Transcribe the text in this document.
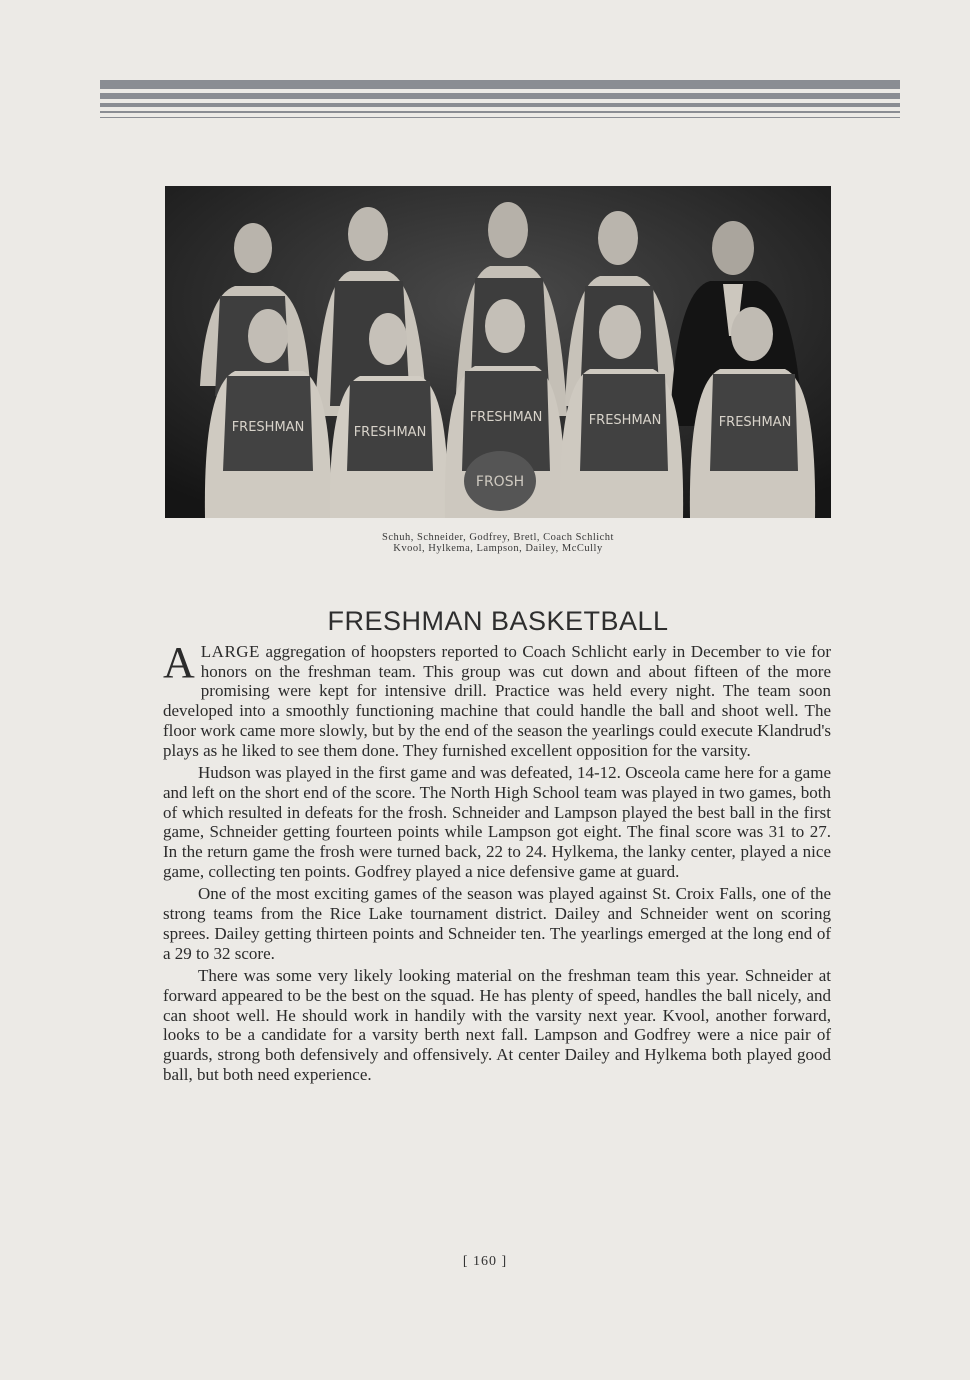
FRESHMAN	FRESHMAN
FRESHMAN
FROSH
FRESHMAN	FRESHMAN
Schuh, Schneider, Godfrey, Bretl, Coach Schlicht
Kvool, Hylkema, Lampson, Dailey, McCully
FRESHMAN BASKETBALL

ALARGE aggregation of hoopsters reported to Coach Schlicht early in December to vie for honors on the freshman team. This group was cut down and about fifteen of the more promising were kept for intensive drill. Practice was held every night. The team soon developed into a smoothly functioning machine that could handle the ball and shoot well. The floor work came more slowly, but by the end of the season the yearlings could execute Klandrud's plays as he liked to see them done. They furnished excellent opposition for the varsity.

Hudson was played in the first game and was defeated, 14-12. Osceola came here for a game and left on the short end of the score. The North High School team was played in two games, both of which resulted in defeats for the frosh. Schneider and Lampson played the best ball in the first game, Schneider getting fourteen points while Lampson got eight. The final score was 31 to 27. In the return game the frosh were turned back, 22 to 24. Hylkema, the lanky center, played a nice game, collecting ten points. Godfrey played a nice defensive game at guard.

One of the most exciting games of the season was played against St. Croix Falls, one of the strong teams from the Rice Lake tournament district. Dailey and Schneider went on scoring sprees. Dailey getting thirteen points and Schneider ten. The yearlings emerged at the long end of a 29 to 32 score.

There was some very likely looking material on the freshman team this year. Schneider at forward appeared to be the best on the squad. He has plenty of speed, handles the ball nicely, and can shoot well. He should work in handily with the varsity next year. Kvool, another forward, looks to be a candidate for a varsity berth next fall. Lampson and Godfrey were a nice pair of guards, strong both defensively and offensively. At center Dailey and Hylkema both played good ball, but both need experience.

[ 160 ]
